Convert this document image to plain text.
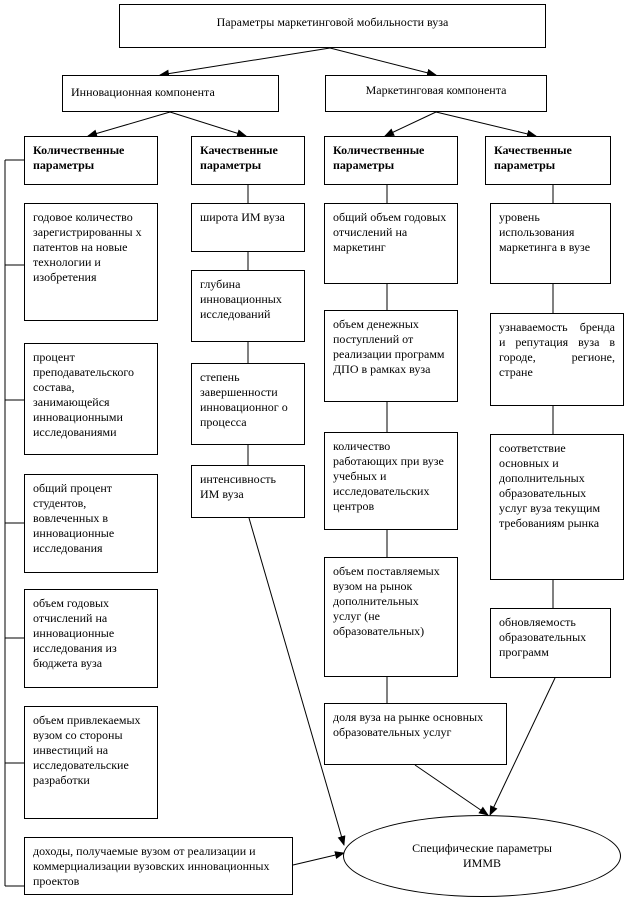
Параметры маркетинговой мобильности вуза
Инновационная компонента	Маркетинговая компонента
Количественные параметры
Качественные параметры
Количественные параметры
Качественные параметры
годовое количество зарегистрированны х патентов на новые технологии и изобретения
процент преподавательского состава, занимающейся инновационными исследованиями
общий процент студентов, вовлеченных в инновационные исследования
объем годовых отчислений на инновационные исследования из бюджета вуза
объем привлекаемых вузом со стороны инвестиций на исследовательские разработки
доходы, получаемые вузом от реализации и коммерциализации вузовских инновационных проектов
широта ИМ вуза
глубина инновационных исследований
степень завершенности инновационног о процесса
интенсивность ИМ вуза
общий объем годовых отчислений на маркетинг
объем денежных поступлений от реализации программ ДПО в рамках вуза
количество работающих при вузе учебных и исследовательских центров
объем поставляемых вузом на рынок дополнительных услуг (не образовательных)
доля вуза на рынке основных образовательных услуг
уровень использования маркетинга в вузе
узнаваемость бренда и репутация вуза в городе, регионе, стране
соответствие основных и дополнительных образовательных услуг вуза текущим требованиям рынка
обновляемость образовательных программ
Специфические параметры ИММВ
